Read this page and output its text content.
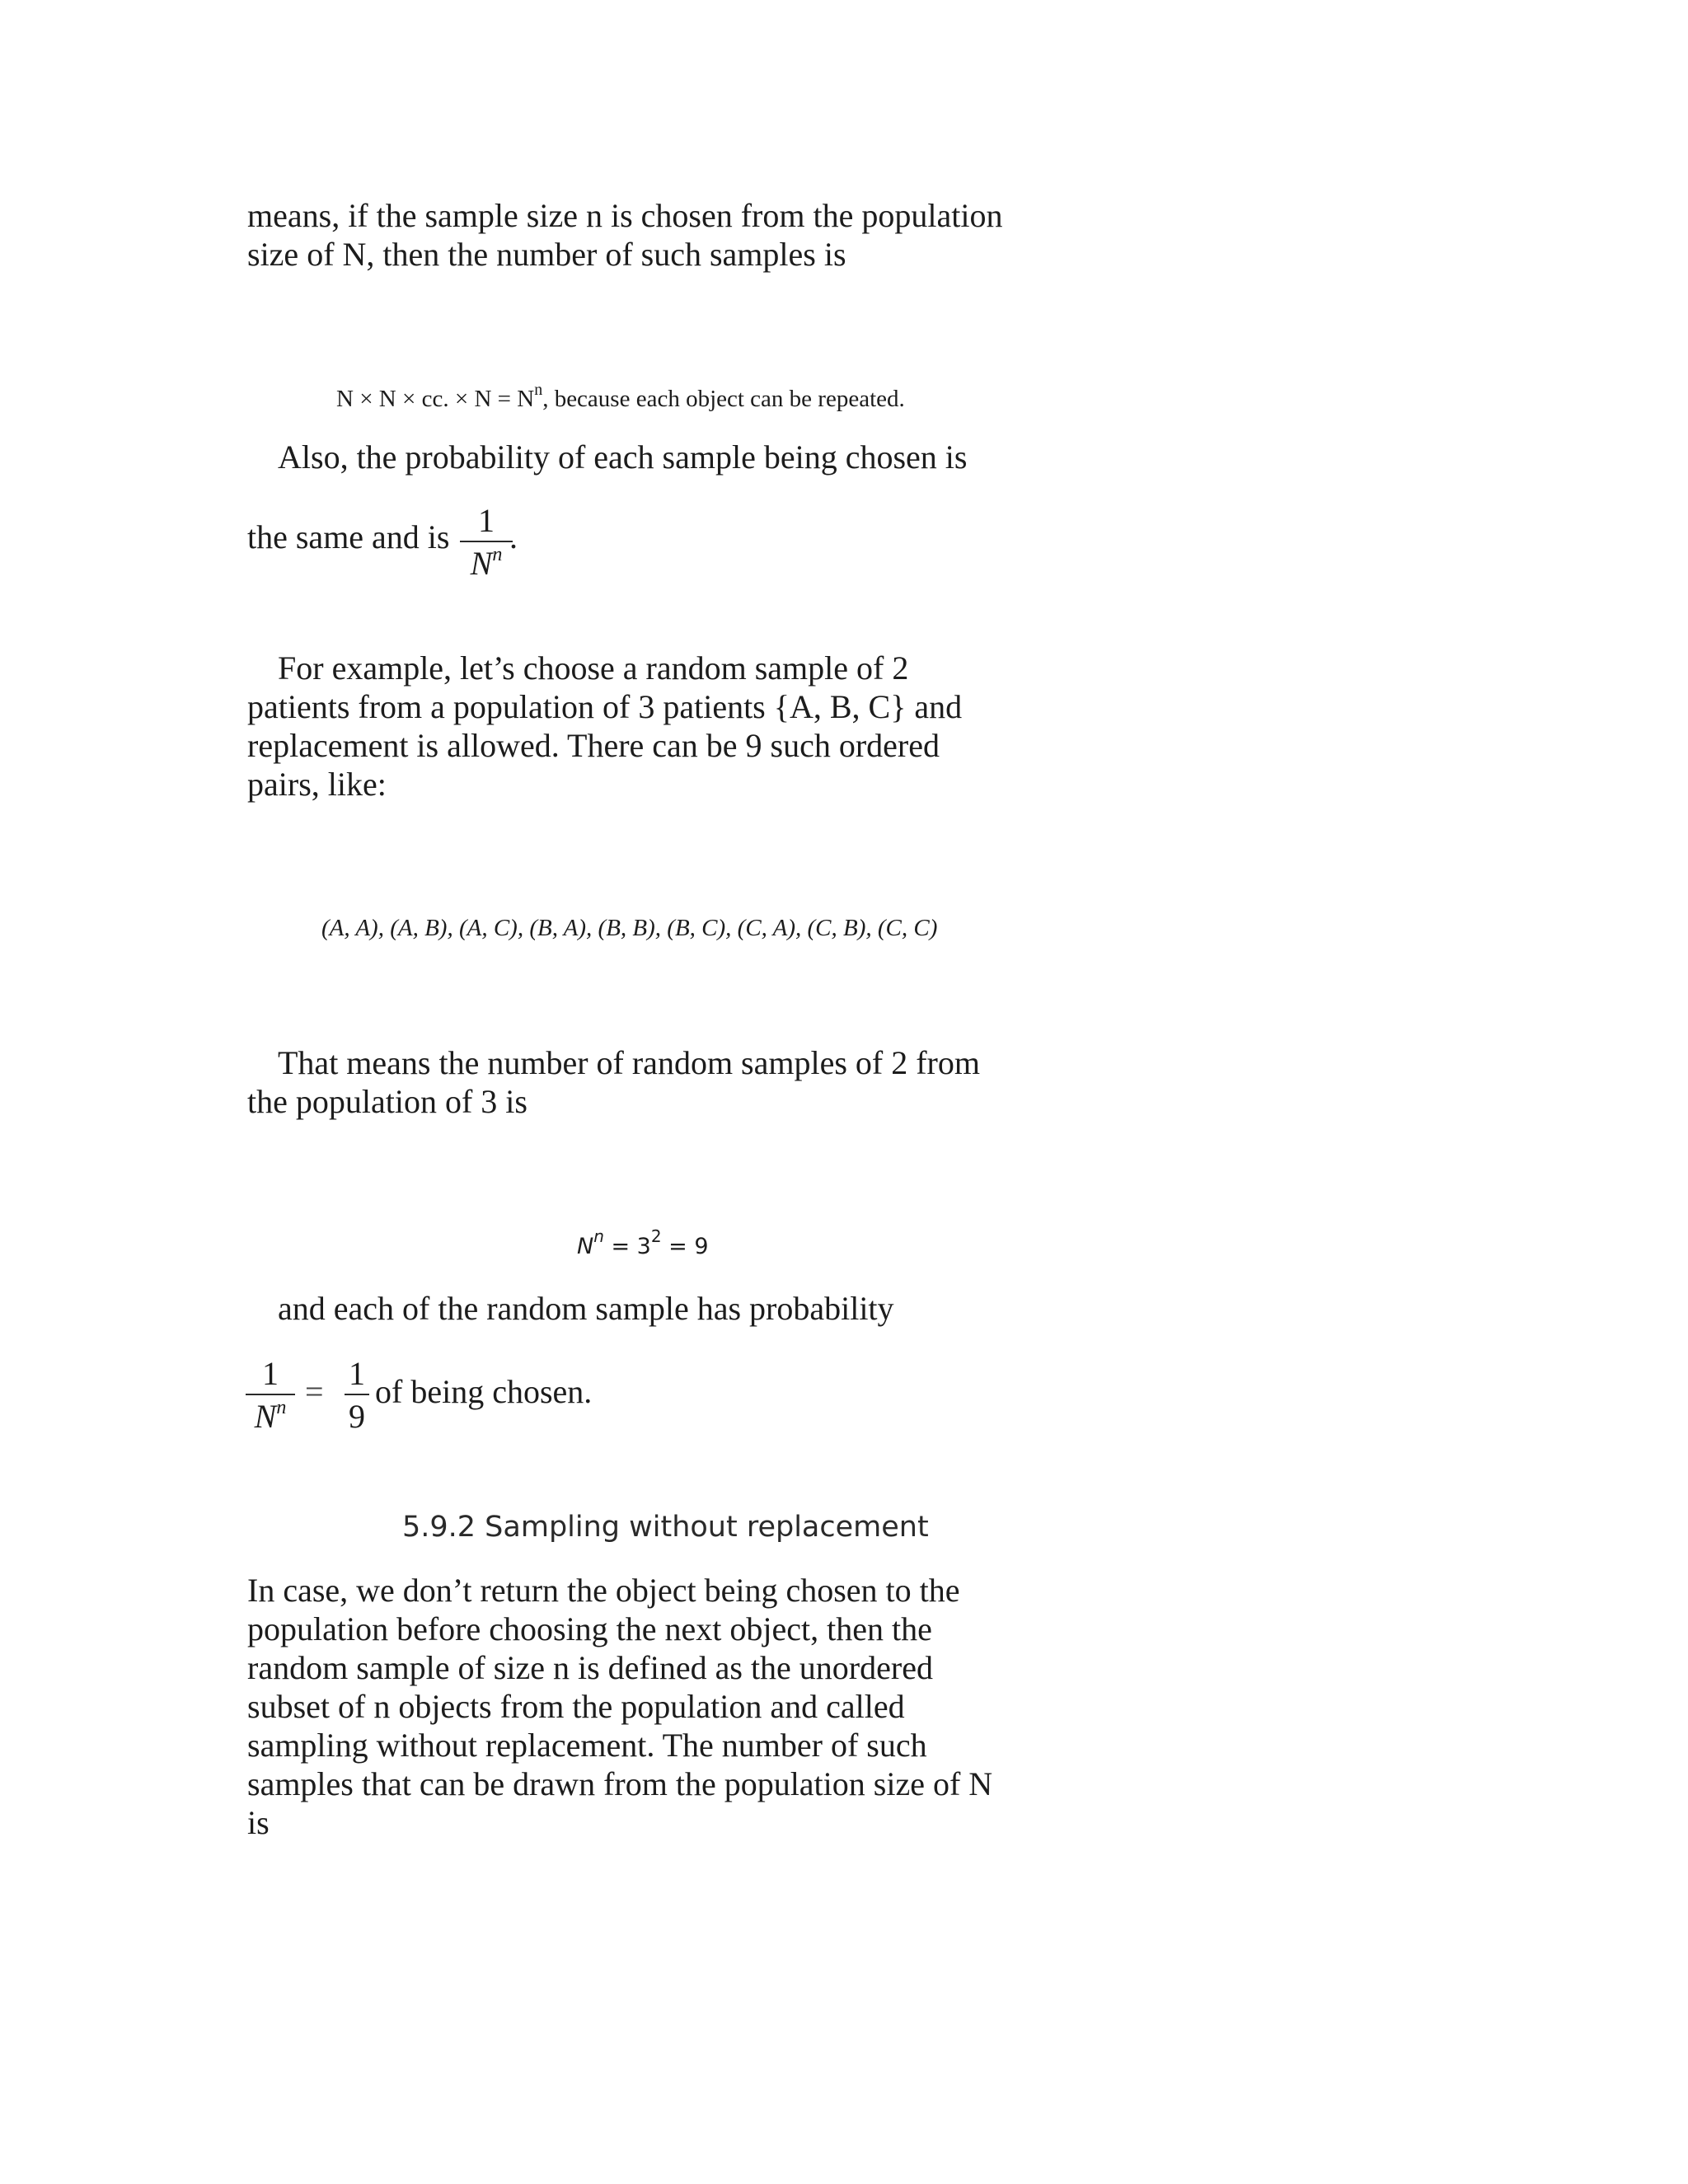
means, if the sample size n is chosen from the population
size of N, then the number of such samples is
N × N × cc. × $N = N^n$, because each object can be repeated.
Also, the probability of each sample being chosen is
the same and is 1
$N^n$ .
For example, let’s choose a random sample of 2
patients from a population of 3 patients {A, B, C} and
replacement is allowed. There can be 9 such ordered
pairs, like:
(A, A), (A, B), (A, C), (B, A), (B, B), (B, C), (C, A), (C, B), (C, C)
That means the number of random samples of 2 from
the population of 3 is
$N^n = 3^2 = 9$
and each of the random sample has probability
1
$N^n = 1$
9
of being chosen.
5.9.2 Sampling without replacement
In case, we don’t return the object being chosen to the
population before choosing the next object, then the
random sample of size n is defined as the unordered
subset of n objects from the population and called
sampling without replacement. The number of such
samples that can be drawn from the population size of N
is
